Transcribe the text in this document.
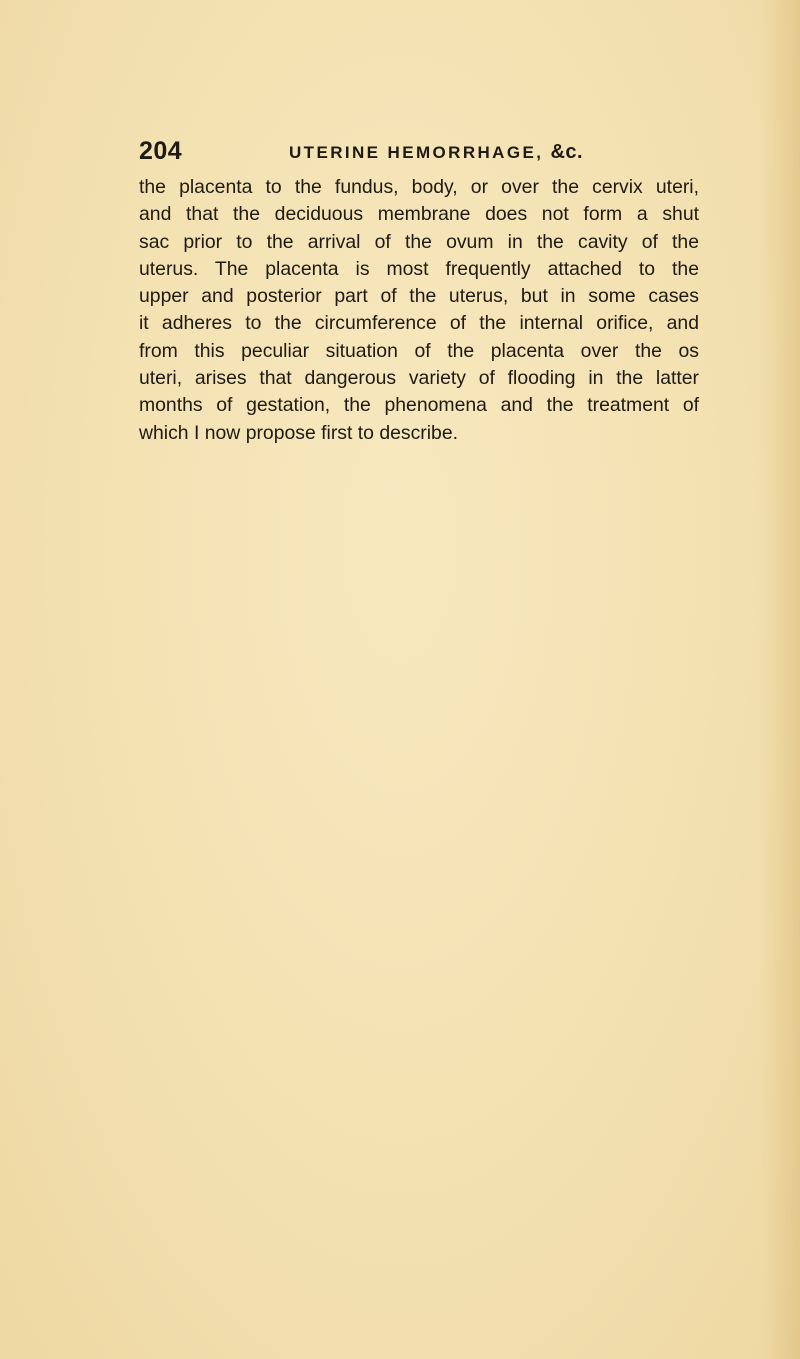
204	UTERINE HEMORRHAGE, &c.

the placenta to the fundus, body, or over the cervix uteri,
and that the deciduous membrane does not form a shut
sac prior to the arrival of the ovum in the cavity of the
uterus. The placenta is most frequently attached to the
upper and posterior part of the uterus, but in some cases
it adheres to the circumference of the internal orifice, and
from this peculiar situation of the placenta over the os
uteri, arises that dangerous variety of flooding in the latter
months of gestation, the phenomena and the treatment of
which I now propose first to describe.
